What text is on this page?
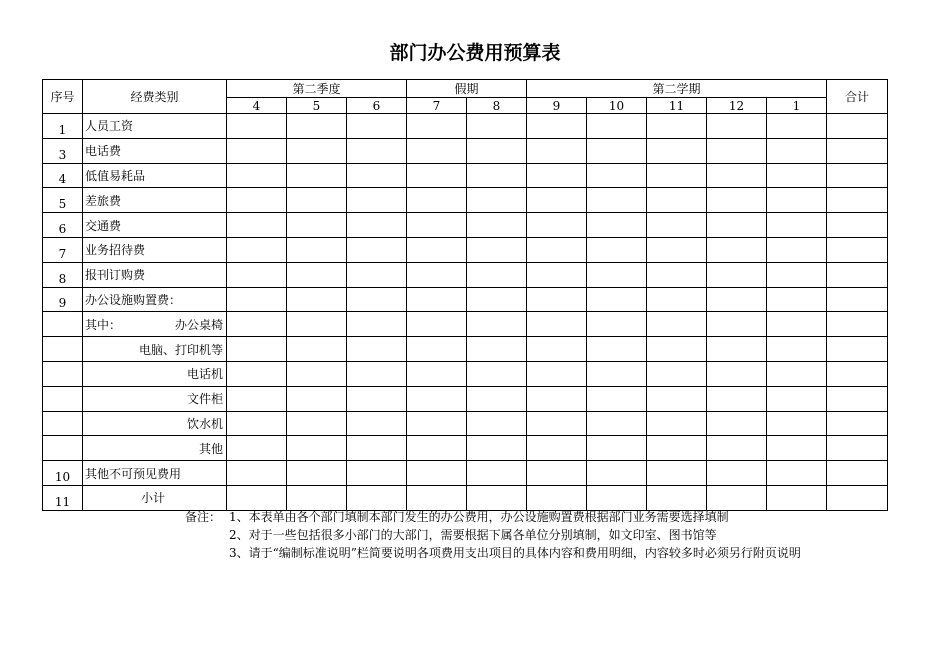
部门办公费用预算表
序号	经费类别	第二季度			假期		第二学期					合计
		4	5	6	7	8	9	10	11	12	1	
1	人员工资											
3	电话费											
4	低值易耗品											
5	差旅费											
6	交通费											
7	业务招待费											
8	报刊订购费											
9	办公设施购置费：											
	其中： 办公桌椅											

	电脑、打印机等											
	电话机											
	文件柜											
	饮水机											
	其他											
10	其他不可预见费用											
11	小计											
备注： 1、本表单由各个部门填制本部门发生的办公费用，办公设施购置费根据部门业务需要选择填制
2、对于一些包括很多小部门的大部门，需要根据下属各单位分别填制，如文印室、图书馆等
3、请于“编制标准说明”栏简要说明各项费用支出项目的具体内容和费用明细，内容较多时必须另行附页说明
